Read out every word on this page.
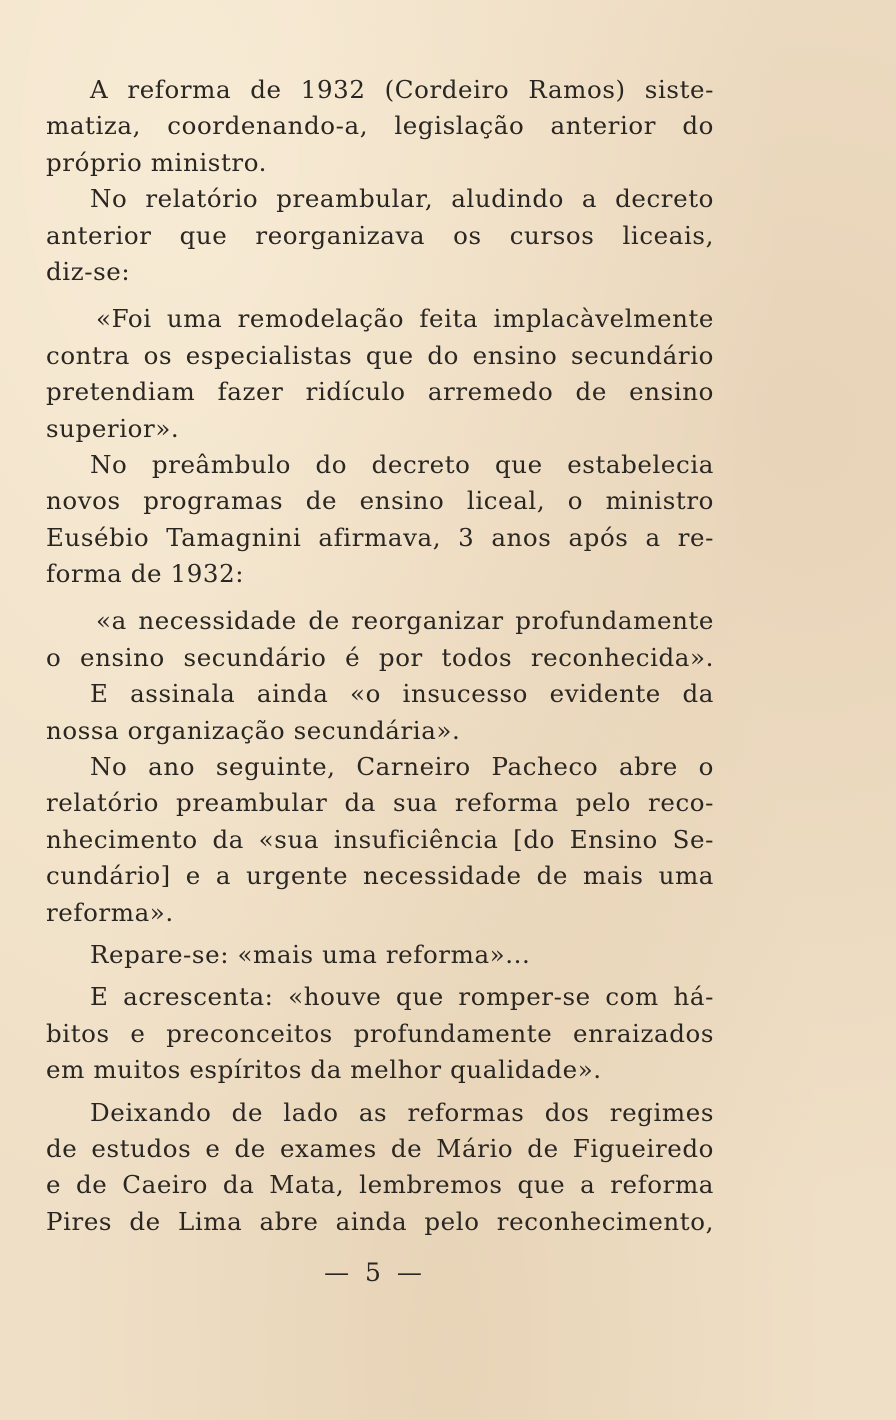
A reforma de 1932 (Cordeiro Ramos) siste-
matiza, coordenando-a, legislação anterior do
próprio ministro.
No relatório preambular, aludindo a decreto
anterior que reorganizava os cursos liceais,
diz-se:
«Foi uma remodelação feita implacàvelmente
contra os especialistas que do ensino secundário
pretendiam fazer ridículo arremedo de ensino
superior».
No preâmbulo do decreto que estabelecia
novos programas de ensino liceal, o ministro
Eusébio Tamagnini afirmava, 3 anos após a re-
forma de 1932:
«a necessidade de reorganizar profundamente
o ensino secundário é por todos reconhecida».
E assinala ainda «o insucesso evidente da
nossa organização secundária».
No ano seguinte, Carneiro Pacheco abre o
relatório preambular da sua reforma pelo reco-
nhecimento da «sua insuficiência [do Ensino Se-
cundário] e a urgente necessidade de mais uma
reforma».
Repare-se: «mais uma reforma»...
E acrescenta: «houve que romper-se com há-
bitos e preconceitos profundamente enraizados
em muitos espíritos da melhor qualidade».
Deixando de lado as reformas dos regimes
de estudos e de exames de Mário de Figueiredo
e de Caeiro da Mata, lembremos que a reforma
Pires de Lima abre ainda pelo reconhecimento,
— 5 —
